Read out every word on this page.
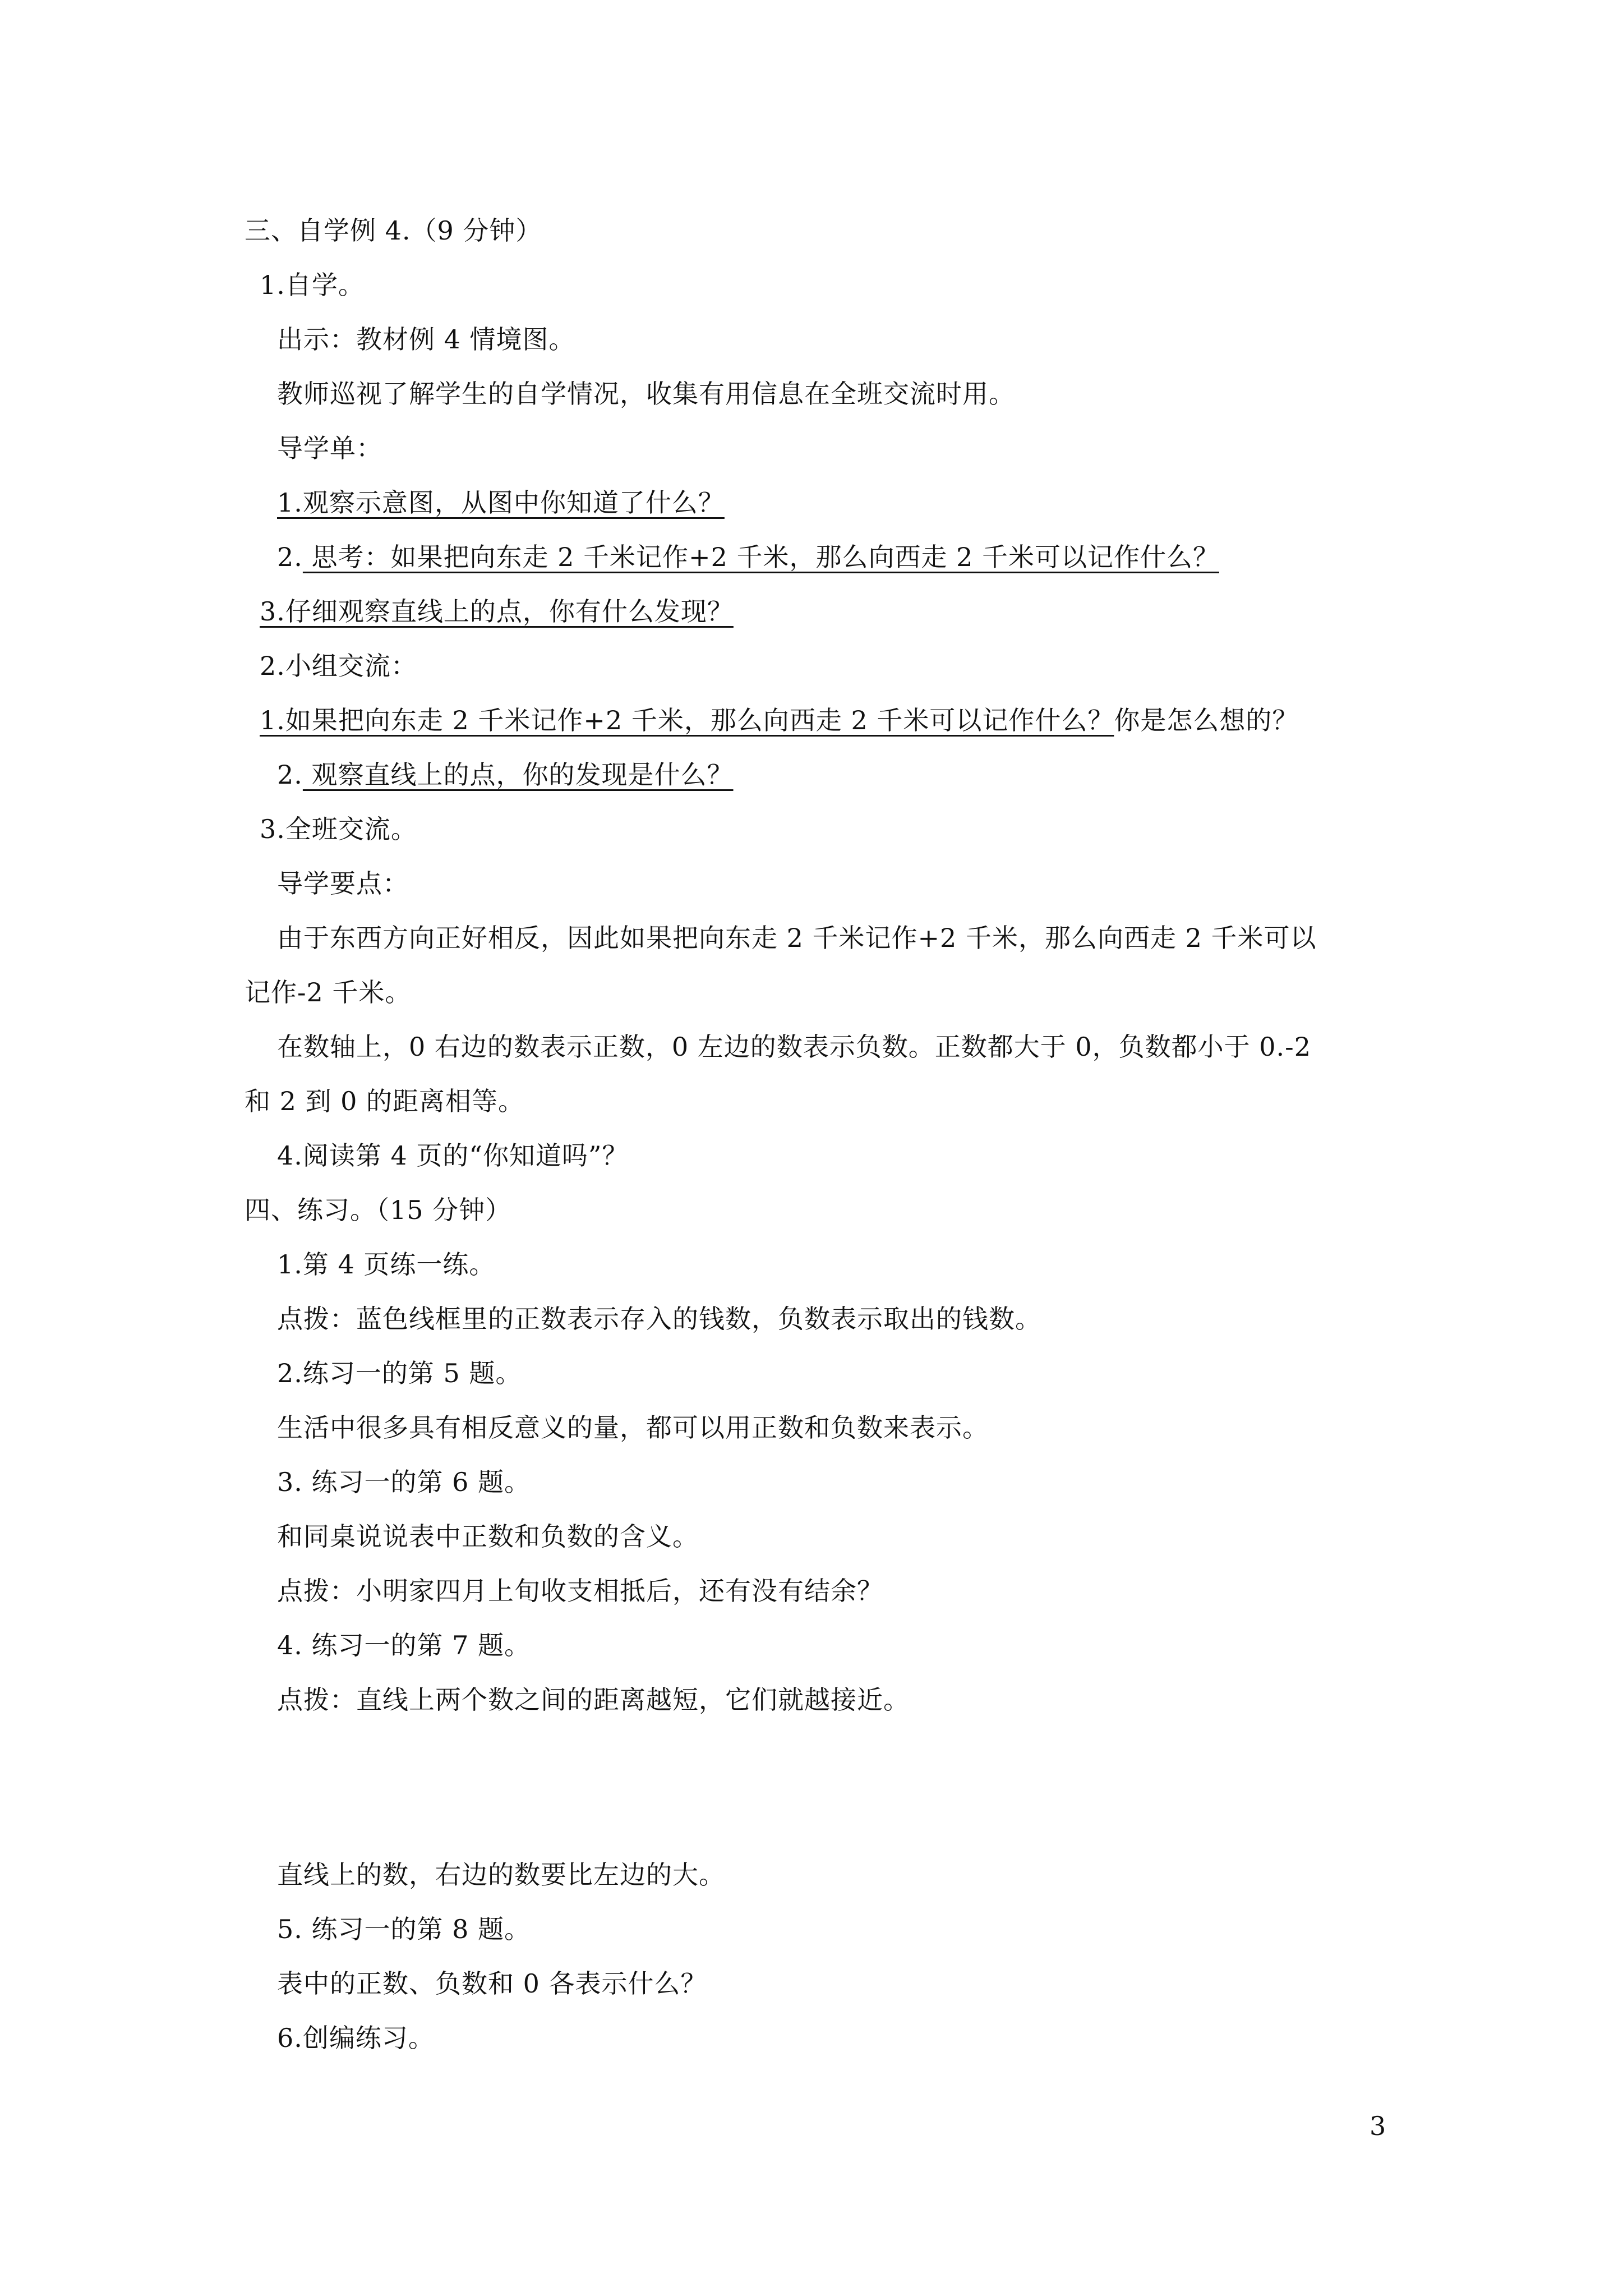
三、自学例 4.（9 分钟）
1.自学。
出示：教材例 4 情境图。
教师巡视了解学生的自学情况，收集有用信息在全班交流时用。
导学单：
1.观察示意图，从图中你知道了什么？
2. 思考：如果把向东走 2 千米记作+2 千米，那么向西走 2 千米可以记作什么？
3.仔细观察直线上的点，你有什么发现？
2.小组交流：
1.如果把向东走 2 千米记作+2 千米，那么向西走 2 千米可以记作什么？你是怎么想的？
2. 观察直线上的点，你的发现是什么？
3.全班交流。
导学要点：
由于东西方向正好相反，因此如果把向东走 2 千米记作+2 千米，那么向西走 2 千米可以
记作-2 千米。
在数轴上，0 右边的数表示正数，0 左边的数表示负数。正数都大于 0，负数都小于 0.-2
和 2 到 0 的距离相等。
4.阅读第 4 页的“你知道吗”？
四、练习。（15 分钟）
1.第 4 页练一练。
点拨：蓝色线框里的正数表示存入的钱数，负数表示取出的钱数。
2.练习一的第 5 题。
生活中很多具有相反意义的量，都可以用正数和负数来表示。
3. 练习一的第 6 题。
和同桌说说表中正数和负数的含义。
点拨：小明家四月上旬收支相抵后，还有没有结余？
4. 练习一的第 7 题。
点拨：直线上两个数之间的距离越短，它们就越接近。
直线上的数，右边的数要比左边的大。
5. 练习一的第 8 题。
表中的正数、负数和 0 各表示什么？
6.创编练习。
3
